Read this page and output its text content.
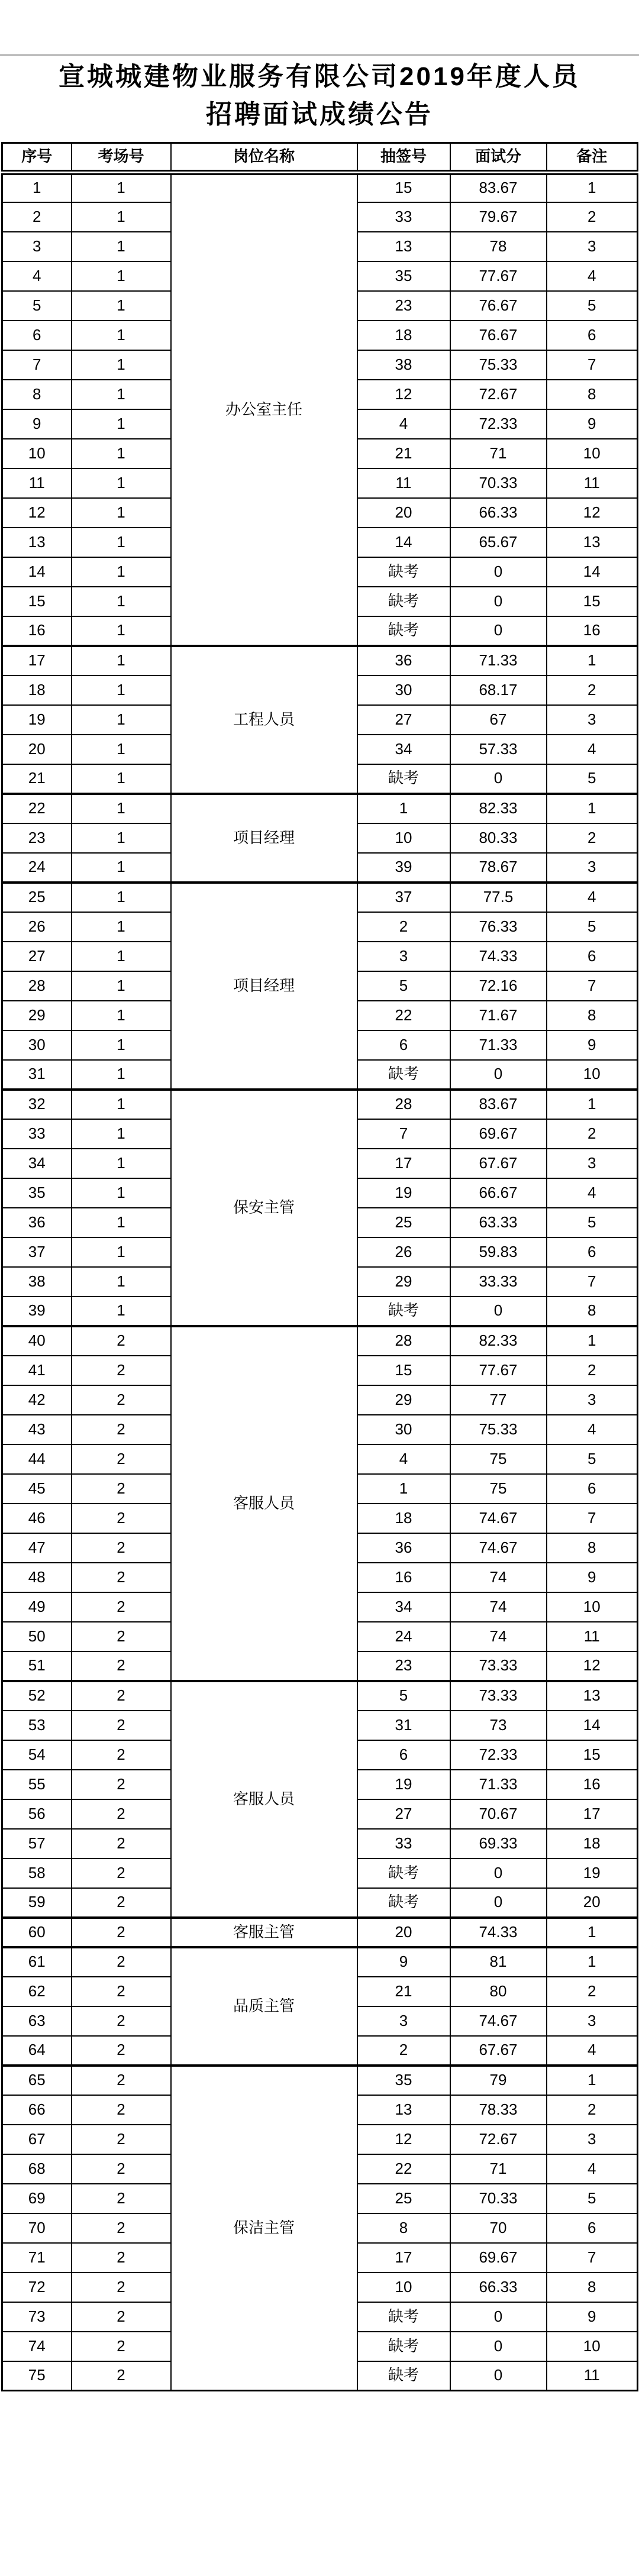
宣城城建物业服务有限公司2019年度人员
招聘面试成绩公告
序号	考场号	岗位名称	抽签号	面试分	备注
1	1	办公室主任	15	83.67	1
2	1		33	79.67	2
3	1		13	78	3
4	1		35	77.67	4
5	1		23	76.67	5
6	1		18	76.67	6
7	1		38	75.33	7
8	1		12	72.67	8
9	1		4	72.33	9
10	1		21	71	10
11	1		11	70.33	11
12	1		20	66.33	12
13	1		14	65.67	13
14	1		缺考	0	14
15	1		缺考	0	15
16	1		缺考	0	16
17	1	工程人员	36	71.33	1
18	1		30	68.17	2
19	1		27	67	3
20	1		34	57.33	4
21	1		缺考	0	5
22	1	项目经理	1	82.33	1
23	1		10	80.33	2
24	1		39	78.67	3
25	1	项目经理	37	77.5	4
26	1		2	76.33	5
27	1		3	74.33	6
28	1		5	72.16	7
29	1		22	71.67	8
30	1		6	71.33	9
31	1		缺考	0	10
32	1	保安主管	28	83.67	1
33	1		7	69.67	2
34	1		17	67.67	3
35	1		19	66.67	4
36	1		25	63.33	5
37	1		26	59.83	6
38	1		29	33.33	7
39	1		缺考	0	8
40	2	客服人员	28	82.33	1
41	2		15	77.67	2
42	2		29	77	3
43	2		30	75.33	4
44	2		4	75	5
45	2		1	75	6
46	2		18	74.67	7
47	2		36	74.67	8
48	2		16	74	9
49	2		34	74	10
50	2		24	74	11
51	2		23	73.33	12
52	2	客服人员	5	73.33	13
53	2		31	73	14
54	2		6	72.33	15
55	2		19	71.33	16
56	2		27	70.67	17
57	2		33	69.33	18
58	2		缺考	0	19
59	2		缺考	0	20
60	2	客服主管	20	74.33	1
61	2	品质主管	9	81	1
62	2		21	80	2
63	2		3	74.67	3
64	2		2	67.67	4
65	2	保洁主管	35	79	1
66	2		13	78.33	2
67	2		12	72.67	3
68	2		22	71	4
69	2		25	70.33	5
70	2		8	70	6
71	2		17	69.67	7
72	2		10	66.33	8
73	2		缺考	0	9
74	2		缺考	0	10
75	2		缺考	0	11
